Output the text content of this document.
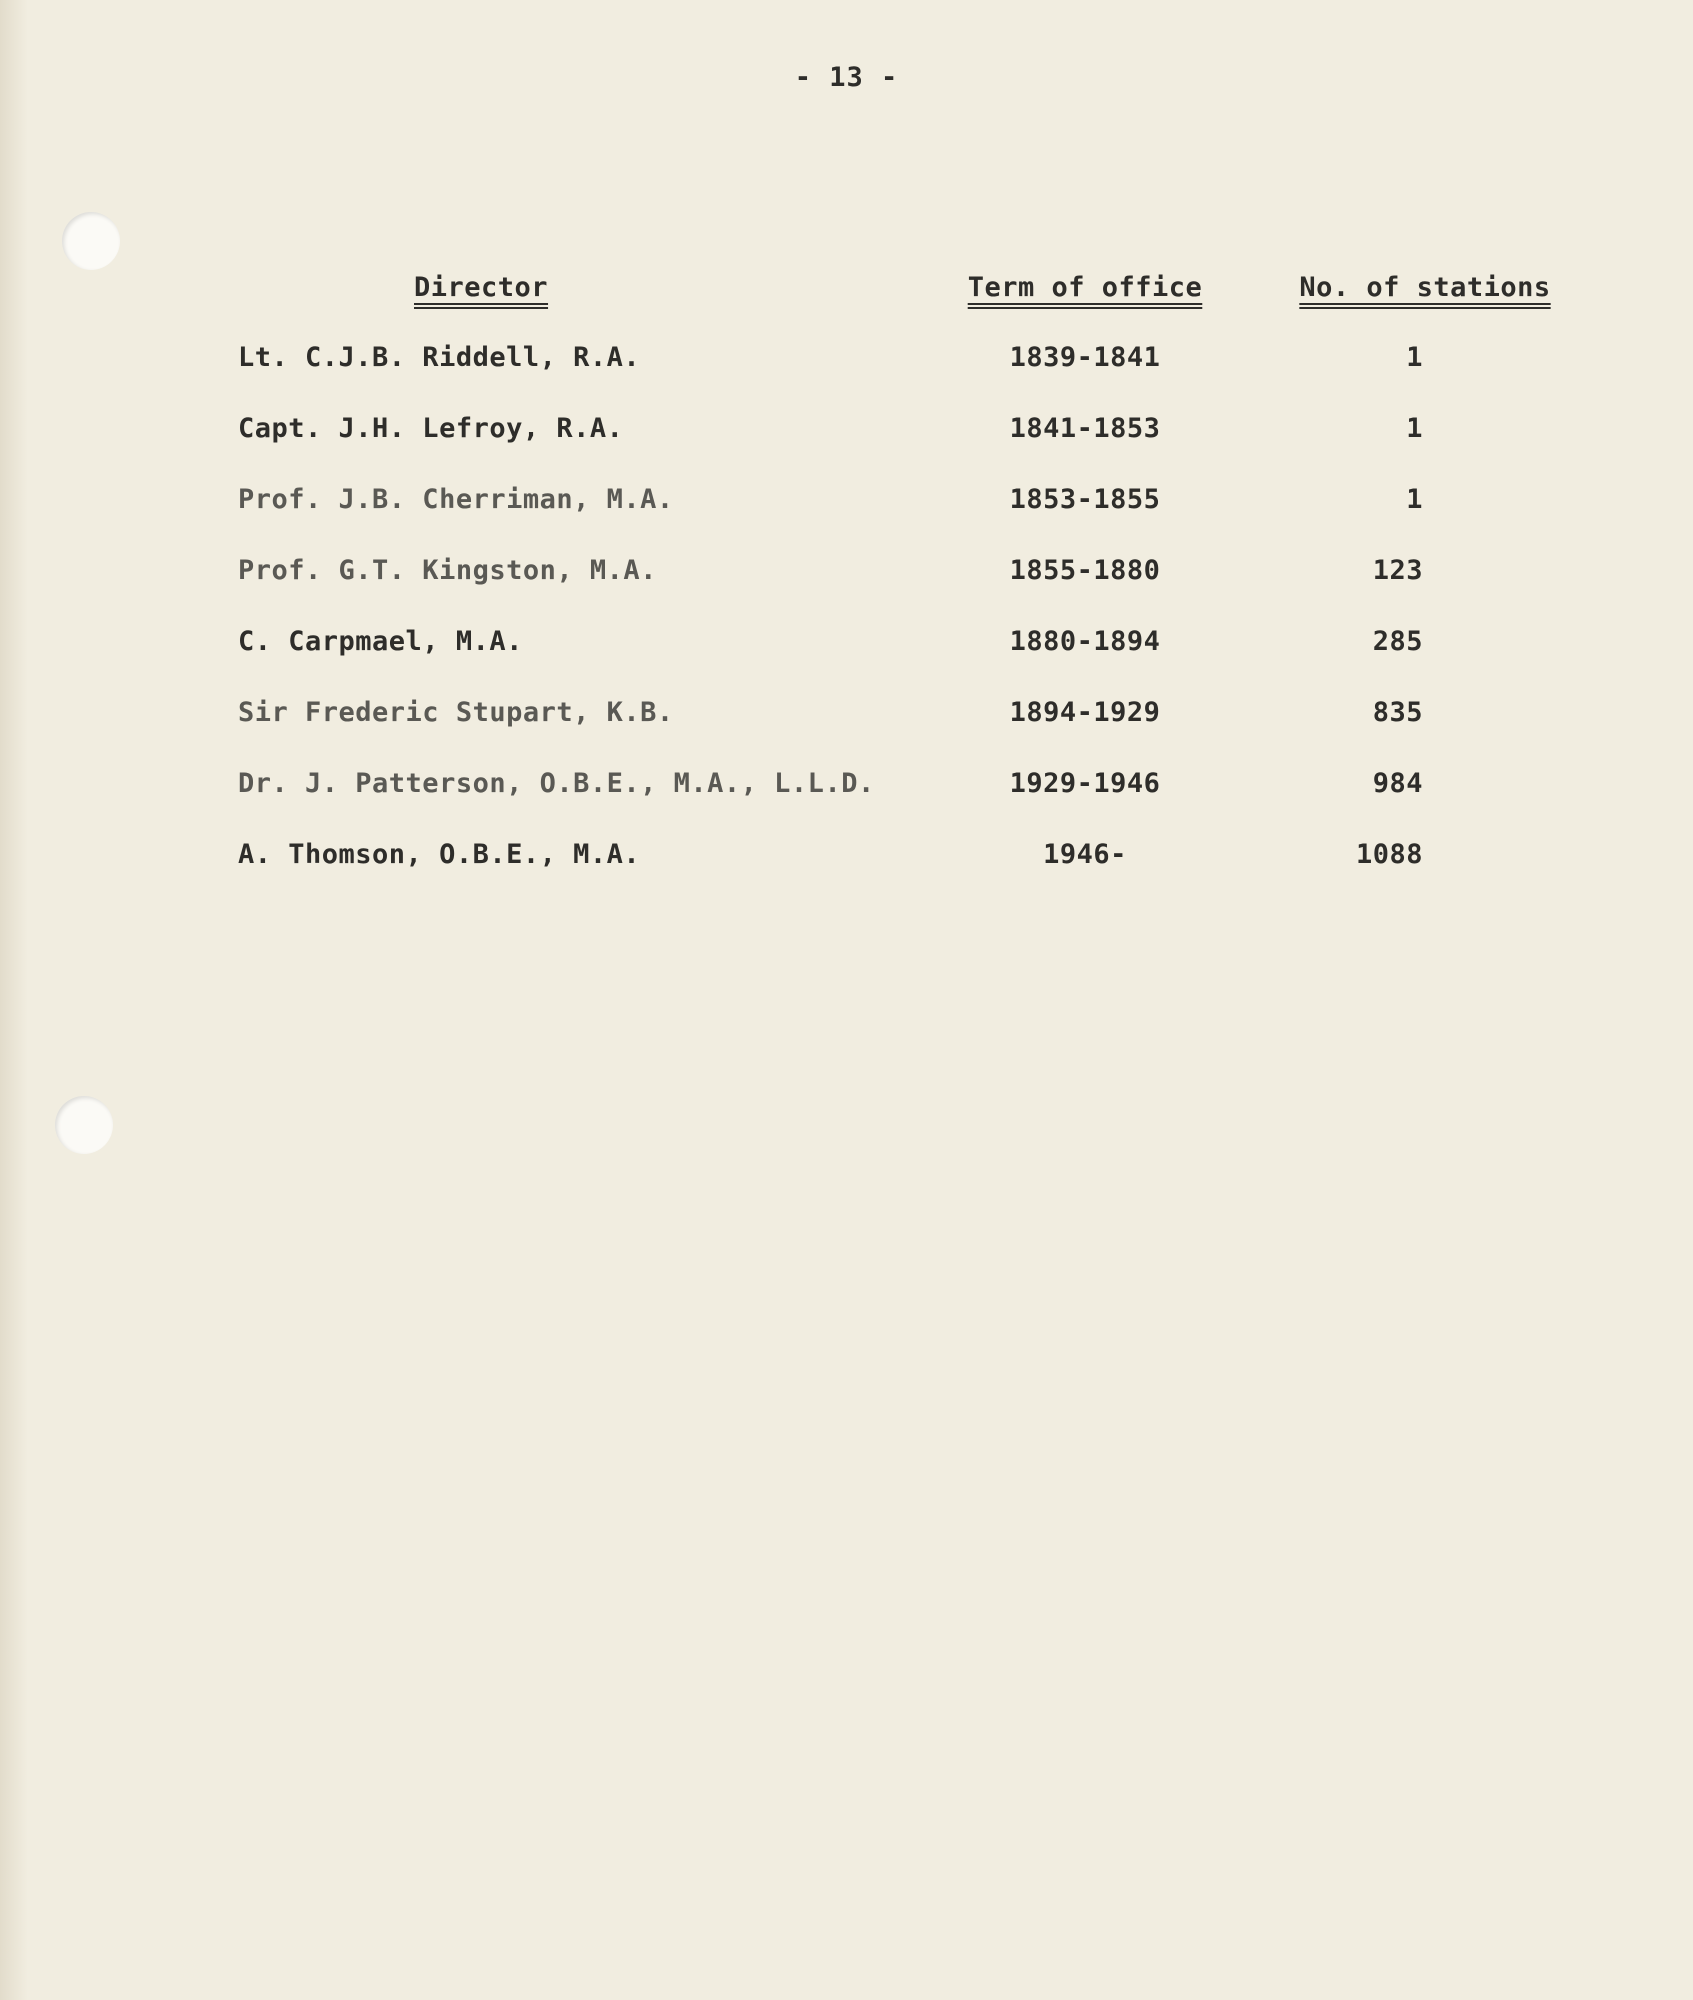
- 13 -
Director	Term of office	No. of stations
Lt. C.J.B. Riddell, R.A.	1839-1841	1
Capt. J.H. Lefroy, R.A.	1841-1853	1
Prof. J.B. Cherriman, M.A.	1853-1855	1
Prof. G.T. Kingston, M.A.	1855-1880	123
C. Carpmael, M.A.	1880-1894	285
Sir Frederic Stupart, K.B.	1894-1929	835
Dr. J. Patterson, O.B.E., M.A., L.L.D.	1929-1946	984
A. Thomson, O.B.E., M.A.	1946-	1088
